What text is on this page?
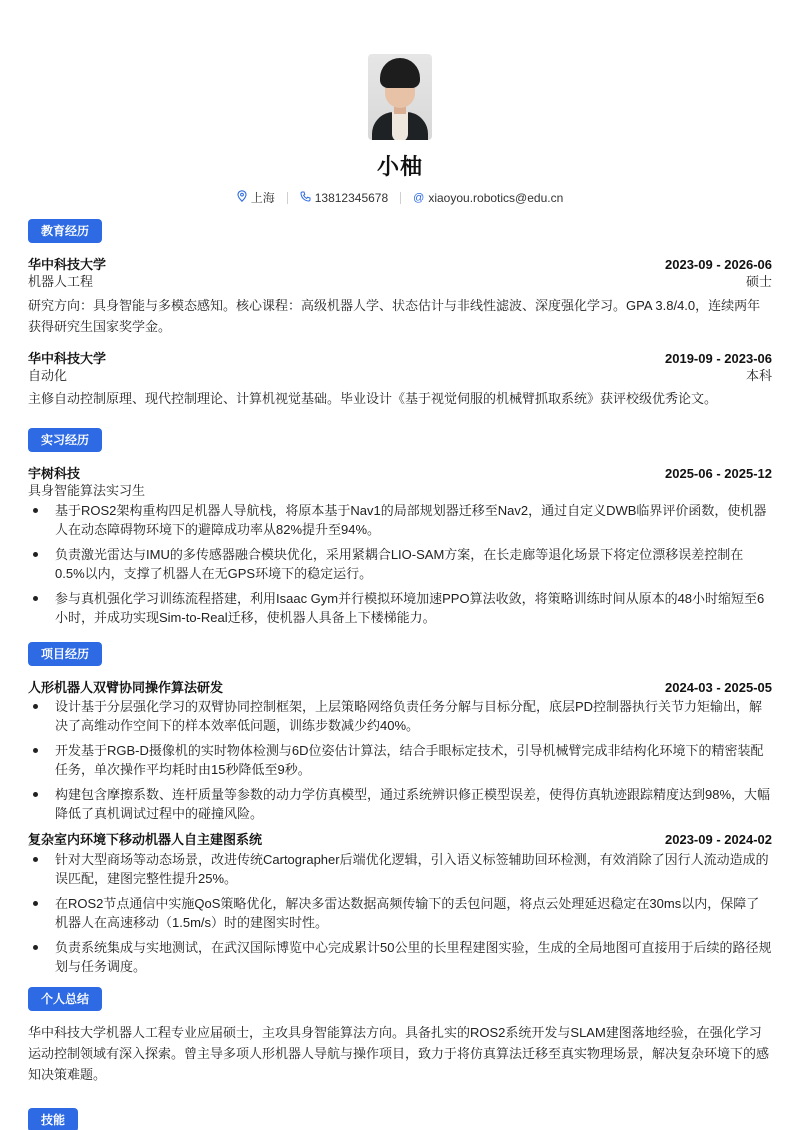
小柚
上海	13812345678 @ xiaoyou.robotics@edu.cn
教育经历
华中科技大学	2023-09 - 2026-06
机器人工程	硕士
研究方向：具身智能与多模态感知。核心课程：高级机器人学、状态估计与非线性滤波、深度强化学习。GPA 3.8/4.0，连续两年获得研究生国家奖学金。
华中科技大学	2019-09 - 2023-06
自动化	本科
主修自动控制原理、现代控制理论、计算机视觉基础。毕业设计《基于视觉伺服的机械臂抓取系统》获评校级优秀论文。
实习经历
宇树科技	2025-06 - 2025-12
具身智能算法实习生
基于ROS2架构重构四足机器人导航栈，将原本基于Nav1的局部规划器迁移至Nav2，通过自定义DWB临界评价函数，使机器人在动态障碍物环境下的避障成功率从82%提升至94%。
负责激光雷达与IMU的多传感器融合模块优化，采用紧耦合LIO-SAM方案，在长走廊等退化场景下将定位漂移误差控制在0.5%以内，支撑了机器人在无GPS环境下的稳定运行。
参与真机强化学习训练流程搭建，利用Isaac Gym并行模拟环境加速PPO算法收敛，将策略训练时间从原本的48小时缩短至6小时，并成功实现Sim-to-Real迁移，使机器人具备上下楼梯能力。
项目经历
人形机器人双臂协同操作算法研发	2024-03 - 2025-05
设计基于分层强化学习的双臂协同控制框架，上层策略网络负责任务分解与目标分配，底层PD控制器执行关节力矩输出，解决了高维动作空间下的样本效率低问题，训练步数减少约40%。
开发基于RGB-D摄像机的实时物体检测与6D位姿估计算法，结合手眼标定技术，引导机械臂完成非结构化环境下的精密装配任务，单次操作平均耗时由15秒降低至9秒。
构建包含摩擦系数、连杆质量等参数的动力学仿真模型，通过系统辨识修正模型误差，使得仿真轨迹跟踪精度达到98%，大幅降低了真机调试过程中的碰撞风险。
复杂室内环境下移动机器人自主建图系统	2023-09 - 2024-02
针对大型商场等动态场景，改进传统Cartographer后端优化逻辑，引入语义标签辅助回环检测，有效消除了因行人流动造成的误匹配，建图完整性提升25%。
在ROS2节点通信中实施QoS策略优化，解决多雷达数据高频传输下的丢包问题，将点云处理延迟稳定在30ms以内，保障了机器人在高速移动（1.5m/s）时的建图实时性。
负责系统集成与实地测试，在武汉国际博览中心完成累计50公里的长里程建图实验，生成的全局地图可直接用于后续的路径规划与任务调度。
个人总结
华中科技大学机器人工程专业应届硕士，主攻具身智能算法方向。具备扎实的ROS2系统开发与SLAM建图落地经验，在强化学习运动控制领域有深入探索。曾主导多项人形机器人导航与操作项目，致力于将仿真算法迁移至真实物理场景，解决复杂环境下的感知决策难题。
技能
